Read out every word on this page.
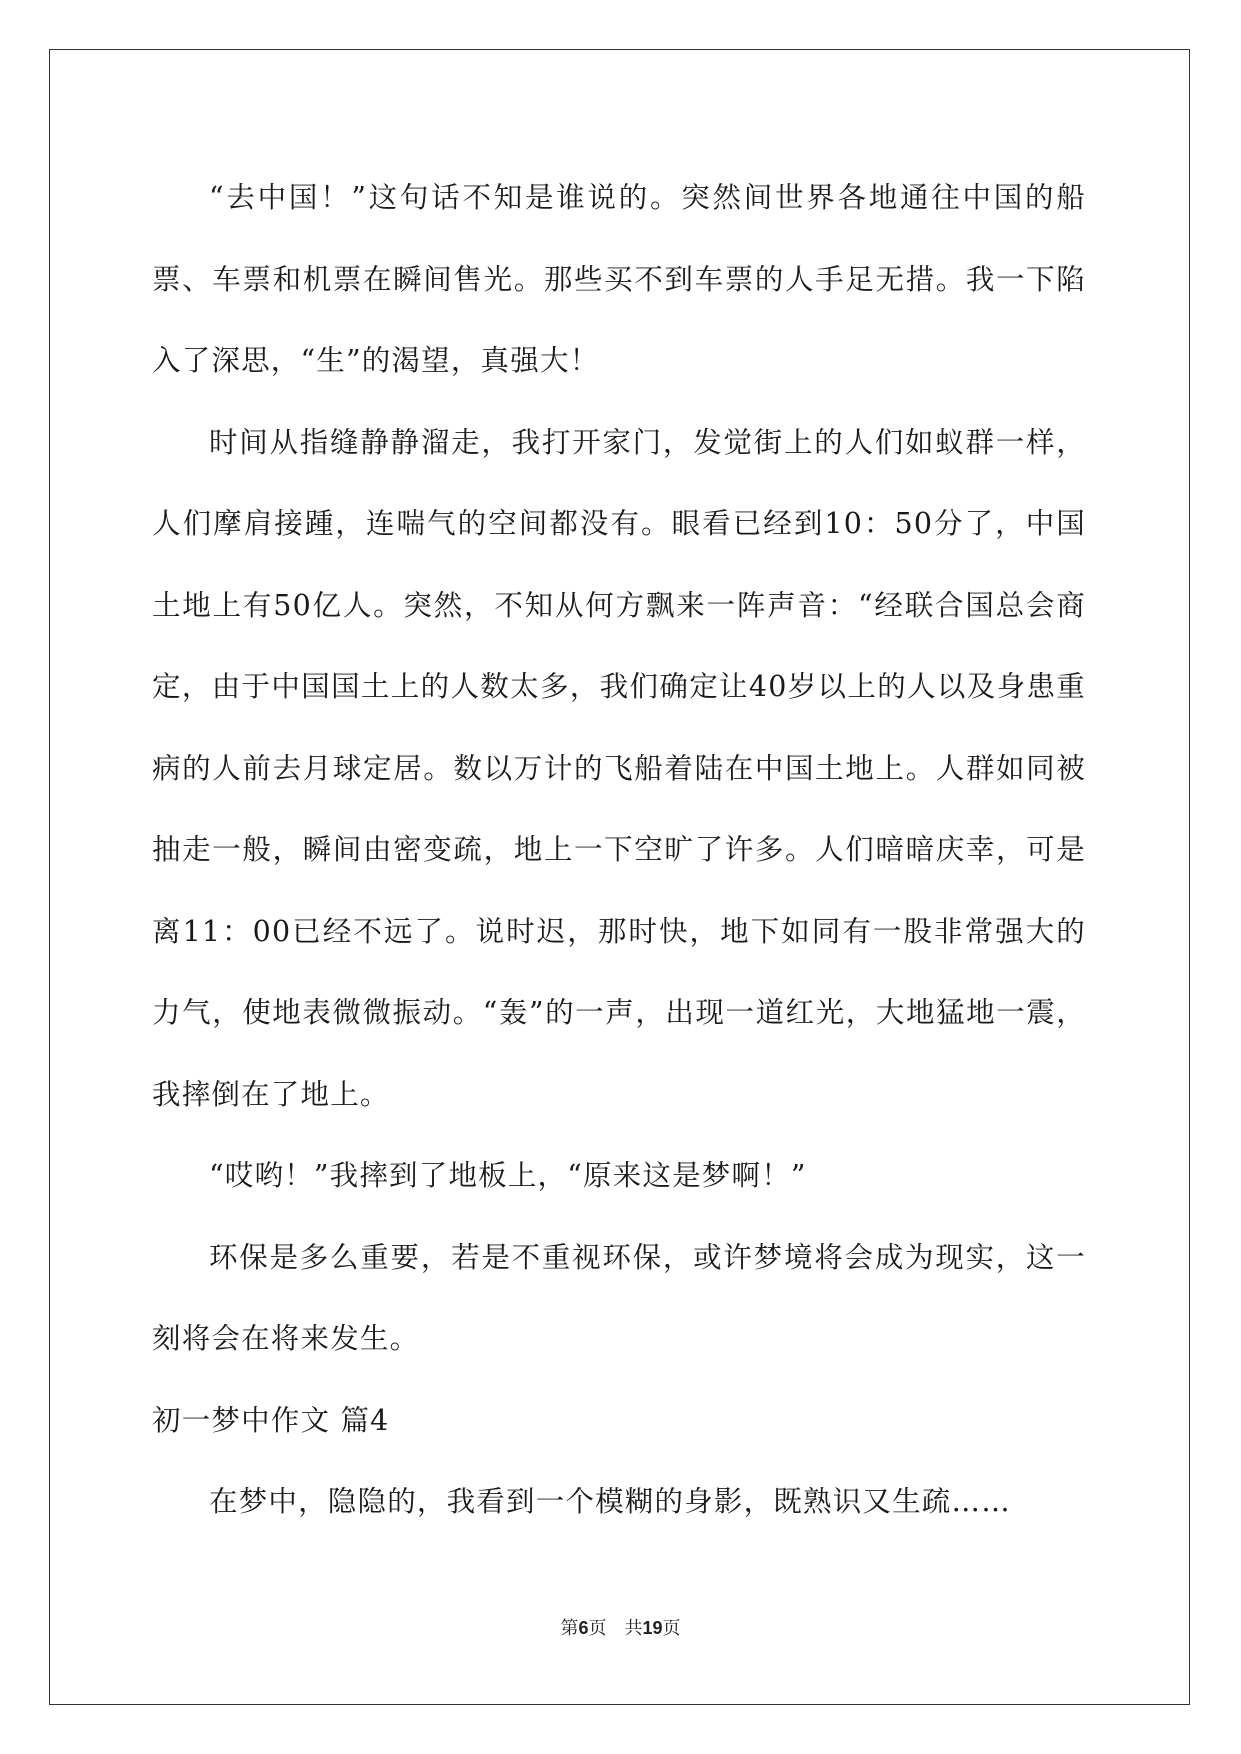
“去中国！”这句话不知是谁说的。突然间世界各地通往中国的船票、车票和机票在瞬间售光。那些买不到车票的人手足无措。我一下陷入了深思，“生”的渴望，真强大！

时间从指缝静静溜走，我打开家门，发觉街上的人们如蚁群一样，人们摩肩接踵，连喘气的空间都没有。眼看已经到10：50分了，中国土地上有50亿人。突然，不知从何方飘来一阵声音：“经联合国总会商定，由于中国国土上的人数太多，我们确定让40岁以上的人以及身患重病的人前去月球定居。数以万计的飞船着陆在中国土地上。人群如同被抽走一般，瞬间由密变疏，地上一下空旷了许多。人们暗暗庆幸，可是离11：00已经不远了。说时迟，那时快，地下如同有一股非常强大的力气，使地表微微振动。“轰”的一声，出现一道红光，大地猛地一震，我摔倒在了地上。

“哎哟！”我摔到了地板上，“原来这是梦啊！”

环保是多么重要，若是不重视环保，或许梦境将会成为现实，这一刻将会在将来发生。

初一梦中作文 篇4

在梦中，隐隐的，我看到一个模糊的身影，既熟识又生疏……

第6页 共19页
